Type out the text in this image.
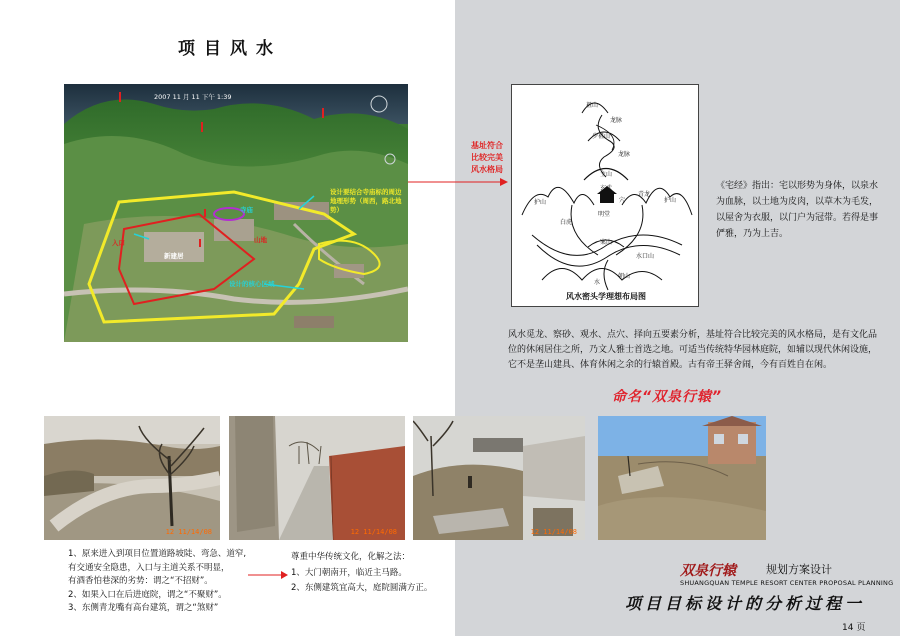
项目风水
2007 11 月 11 下午 1:39
设计要结合寺庙标的周边地理形势（周西，路北地势）
寺庙
新建居
山地
入口
设计的核心区域
基址符合
比较完美
风水格局
祖山
龙脉
少祖山
龙脉
主山
护山	护山
玄武
青龙
白虎
穴
明堂
案山
水口山
朝山
水
风水密头学理想布局图
《宅经》指出：宅以形势为身体，以泉水为血脉，以土地为皮肉，以草木为毛发，以屋舍为衣服，以门户为冠带。若得是事俨雅，乃为上吉。
风水觅龙、察砂、观水、点穴、择向五要素分析，基址符合比较完美的风水格局，是有文化品位的休闲居住之所，乃文人雅士首选之地。可适当传统特华园林庭院，如辅以现代休闲设施，它不是垄山建具、体育休闲之余的行辕首殿。古有帝王驿舍闹，今有百姓自在闲。
命名“双泉行辕”
12 11/14/08	12 11/14/08	12 11/14/08
1、原来进入到项目位置道路坡陡、弯急、道窄,
有交通安全隐患，入口与主道关系不明显，
有酒香怕巷深的劣势：谓之“不招财”。
2、如果入口在后进庭院，谓之“不聚财”。
3、东侧青龙嘴有高台建筑，谓之“煞财”
尊重中华传统文化，化解之法：
1、大门朝南开，临近主马路。
2、东侧建筑宜高大，庭院圆满方正。
双泉行辕	规划方案设计
SHUANGQUAN TEMPLE RESORT CENTER PROPOSAL PLANNING
项目目标设计的分析过程一
14 页
